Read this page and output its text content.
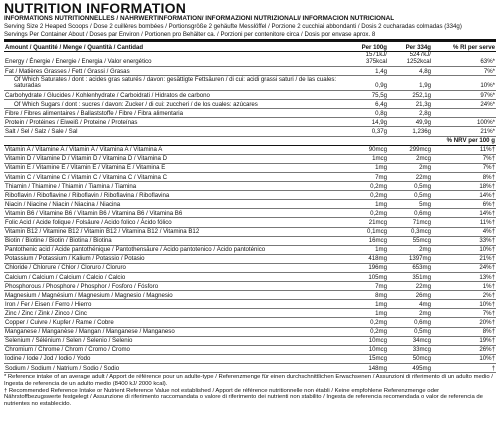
NUTRITION INFORMATION
INFORMATIONS NUTRITIONNELLES / NÄHRWERTINFORMATION/ INFORMAZIONI NUTRIZIONALI/ INFORMACIÓN NUTRICIONAL
Serving Size 2 Heaped Scoops / Dose 2 cuillères bombées / Portionsgröße 2 gehäufte Messlöffel / Porzione 2 cucchiai abbondanti / Dosis 2 cucharadas colmadas (334g)
Servings Per Container About / Doses par Environ / Portionen pro Behälter ca. / Porzioni per contenitore circa / Dosis por envase aprox. 8
Amount / Quantité / Menge / Quantità / Cantidad	Per 100g	Per 334g	% RI per serve
Energy / Énergie / Energie / Energia / Valor energético	1571kJ/ 375kcal	5247kJ/ 1252kcal	63%*
Fat / Matières Grasses / Fett / Grassi / Grasas	1,4g	4,8g	7%*
Of Which Saturates / dont : acides gras saturés / davon: gesättigte Fettsäuren / di cui: acidi grassi saturi / de las cuales: saturadas	0,9g	1,9g	10%*
Carbohydrate / Glucides / Kohlenhydrate / Carboidrati / Hidratos de carbono	75,5g	252,1g	97%*
Of Which Sugars / dont : sucres / davon: Zucker / di cui: zuccheri / de los cuales: azúcares	6,4g	21,3g	24%*
Fibre / Fibres alimentaires / Ballaststoffe / Fibre / Fibra alimentaria	0,8g	2,8g	
Protein / Protéines / Eiweiß / Proteine / Proteínas	14,9g	49,9g	100%*
Salt / Sel / Salz / Sale / Sal	0,37g	1,236g	21%*
			% NRV per 100 g
Vitamin A / Vitamine A / Vitamin A / Vitamina A / Vitamina A	90mcg	299mcg	11%†
Vitamin D / Vitamine D / Vitamin D / Vitamina D / Vitamina D	1mcg	2mcg	7%†
Vitamin E / Vitamine E / Vitamin E / Vitamina E / Vitamina E	1mg	2mg	7%†
Vitamin C / Vitamine C / Vitamin C / Vitamina C / Vitamina C	7mg	22mg	8%†
Thiamin / Thiamine / Thiamin / Tiamina / Tiamina	0,2mg	0,5mg	18%†
Riboflavin / Riboflavine / Riboflavin / Riboflavina / Riboflavina	0,2mg	0,5mg	14%†
Niacin / Niacine / Niacin / Niacina / Niacina	1mg	5mg	6%†
Vitamin B6 / Vitamine B6 / Vitamin B6 / Vitamina B6 / Vitamina B6	0,2mg	0,6mg	14%†
Folic Acid / Acide folique / Folsäure / Acido folico / Ácido fólico	21mcg	71mcg	11%†
Vitamin B12 / Vitamine B12 / Vitamin B12 / Vitamina B12 / Vitamina B12	0,1mcg	0,3mcg	4%†
Biotin / Biotine / Biotin / Biotina / Biotina	16mcg	55mcg	33%†
Pantothenic acid / Acide pantothénique / Pantothensäure / Acido pantotenico / Ácido pantoténico	1mg	2mg	10%†
Potassium / Potassium / Kalium / Potassio / Potasio	418mg	1397mg	21%†
Chloride / Chlorure / Chlor / Cloruro / Cloruro	196mg	653mg	24%†
Calcium / Calcium / Calcium / Calcio / Calcio	105mg	351mg	13%†
Phosphorous / Phosphore / Phosphor / Fosforo / Fósforo	7mg	22mg	1%†
Magnesium / Magnésium / Magnesium / Magnesio / Magnesio	8mg	26mg	2%†
Iron / Fer / Eisen / Ferro / Hierro	1mg	4mg	10%†
Zinc / Zinc / Zink / Zinco / Cinc	1mg	2mg	7%†
Copper / Cuivre / Kupfer / Rame / Cobre	0,2mg	0,6mg	20%†
Manganese / Manganèse / Mangan / Manganese / Manganeso	0,2mg	0,5mg	8%†
Selenium / Sélénium / Selen / Selenio / Selenio	10mcg	34mcg	19%†
Chromium / Chrome / Chrom / Cromo / Cromo	10mcg	33mcg	26%†
Iodine / Iode / Jod / Iodio / Yodo	15mcg	50mcg	10%†
Sodium / Sodium / Natrium / Sodio / Sodio	148mg	495mg	†
* Reference intake of an average adult / Apport de référence pour un adulte-type / Referenzmenge für einen durchschnittlichen Erwachsenen / Assunzioni di riferimento di un adulto medio / Ingesta de referencia de un adulto medio (8400 kJ/ 2000 kcal).
† Recommended Reference Intake or Nutrient Reference Value not established / Apport de référence nutritionnelle non établi / Keine empfohlene Referenzmenge oder Nährstoffbezugswerte festgelegt / Assunzione di riferimento raccomandata o valore di riferimento dei nutrienti non stabilito / Ingesta de referencia recomendada o valor de referencia de nutrientes no establecido.
